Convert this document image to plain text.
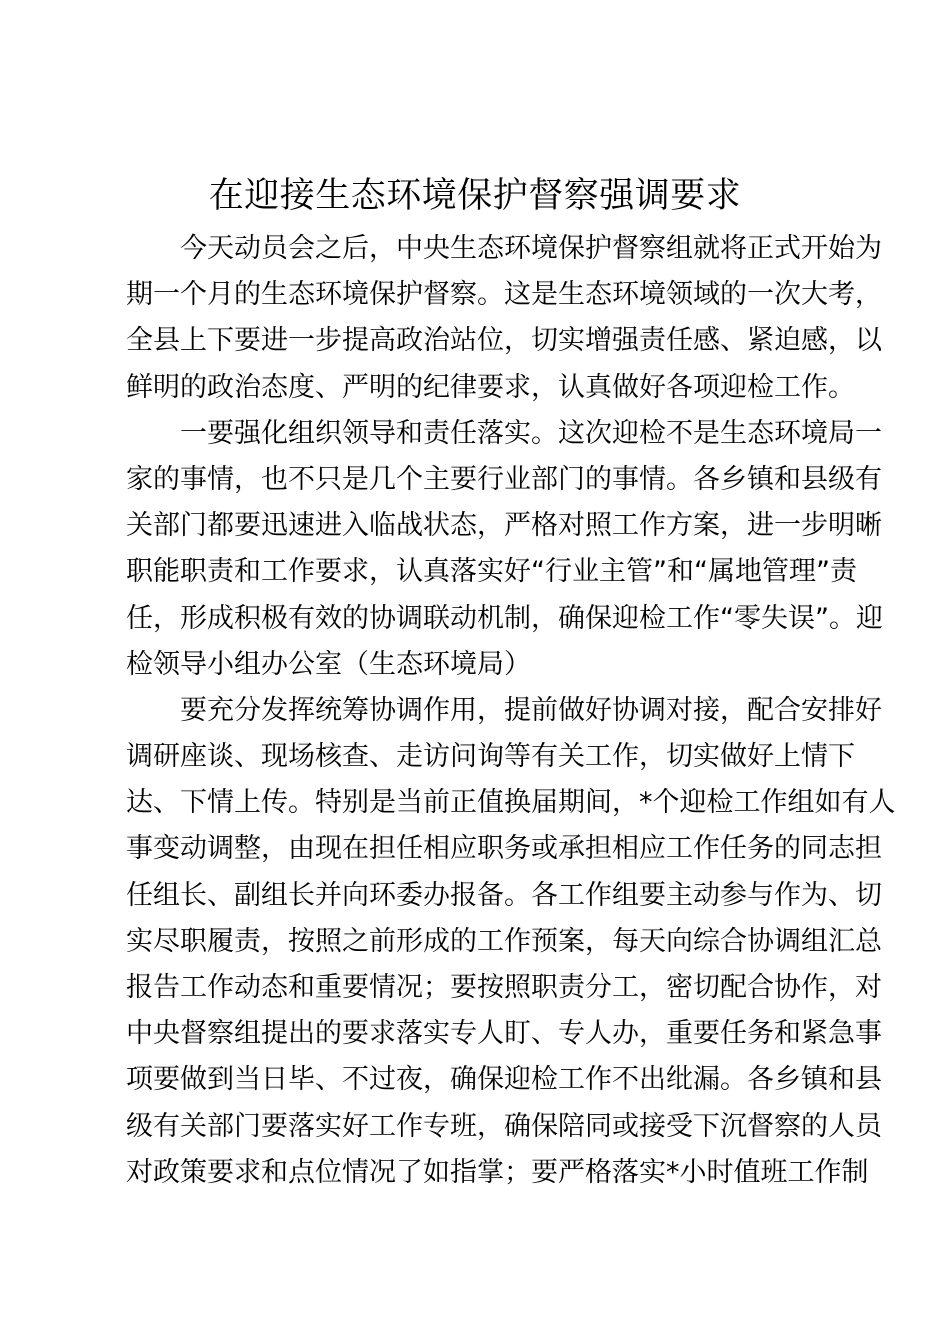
在迎接生态环境保护督察强调要求
今天动员会之后，中央生态环境保护督察组就将正式开始为
期一个月的生态环境保护督察。这是生态环境领域的一次大考，
全县上下要进一步提高政治站位，切实增强责任感、紧迫感，以
鲜明的政治态度、严明的纪律要求，认真做好各项迎检工作。
一要强化组织领导和责任落实。这次迎检不是生态环境局一
家的事情，也不只是几个主要行业部门的事情。各乡镇和县级有
关部门都要迅速进入临战状态，严格对照工作方案，进一步明晰
职能职责和工作要求，认真落实好“行业主管”和“属地管理”责
任，形成积极有效的协调联动机制，确保迎检工作“零失误”。迎
检领导小组办公室（生态环境局）
要充分发挥统筹协调作用，提前做好协调对接，配合安排好
调研座谈、现场核查、走访问询等有关工作，切实做好上情下
达、下情上传。特别是当前正值换届期间，*个迎检工作组如有人
事变动调整，由现在担任相应职务或承担相应工作任务的同志担
任组长、副组长并向环委办报备。各工作组要主动参与作为、切
实尽职履责，按照之前形成的工作预案，每天向综合协调组汇总
报告工作动态和重要情况；要按照职责分工，密切配合协作，对
中央督察组提出的要求落实专人盯、专人办，重要任务和紧急事
项要做到当日毕、不过夜，确保迎检工作不出纰漏。各乡镇和县
级有关部门要落实好工作专班，确保陪同或接受下沉督察的人员
对政策要求和点位情况了如指掌；要严格落实*小时值班工作制
